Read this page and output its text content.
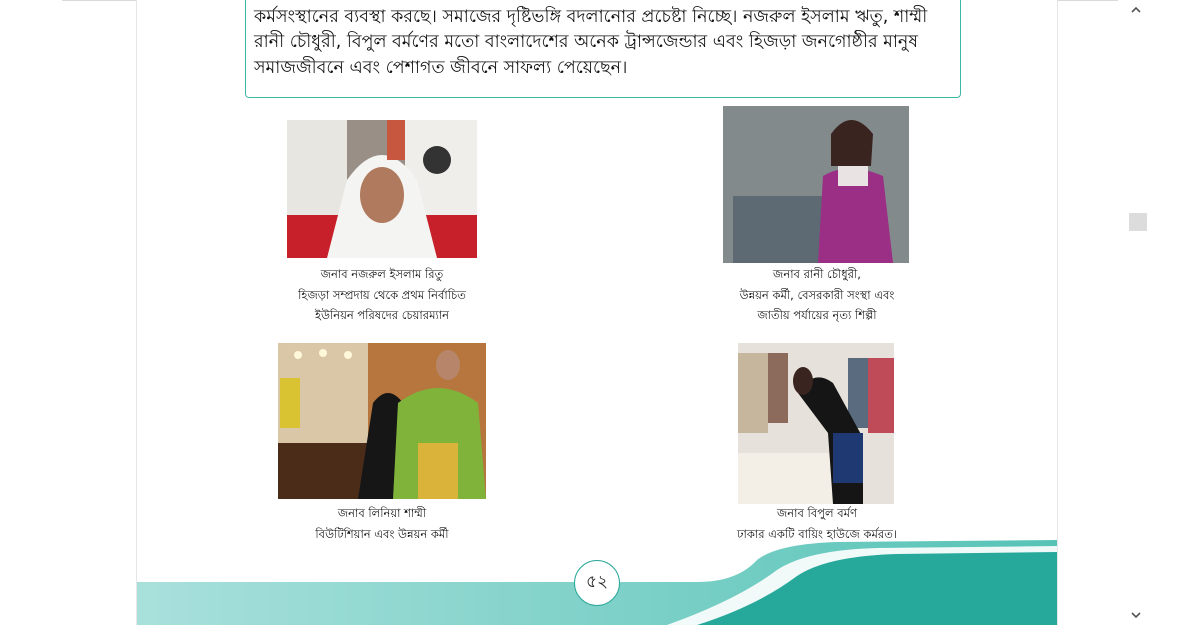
কর্মসংস্থানের ব্যবস্থা করছে। সমাজের দৃষ্টিভঙ্গি বদলানোর প্রচেষ্টা নিচ্ছে। নজরুল ইসলাম ঋতু, শাম্মী
রানী চৌধুরী, বিপুল বর্মণের মতো বাংলাদেশের অনেক ট্রান্সজেন্ডার এবং হিজড়া জনগোষ্ঠীর মানুষ
সমাজজীবনে এবং পেশাগত জীবনে সাফল্য পেয়েছেন।
জনাব নজরুল ইসলাম রিতু
হিজড়া সম্প্রদায় থেকে প্রথম নির্বাচিত
ইউনিয়ন পরিষদের চেয়ারম্যান
জনাব রানী চৌধুরী,
উন্নয়ন কর্মী, বেসরকারী সংস্থা এবং
জাতীয় পর্যায়ের নৃত্য শিল্পী
জনাব লিনিয়া শাম্মী
বিউটিশিয়ান এবং উন্নয়ন কর্মী
জনাব বিপুল বর্মণ
ঢাকার একটি বায়িং হাউজে কর্মরত।
৫২
